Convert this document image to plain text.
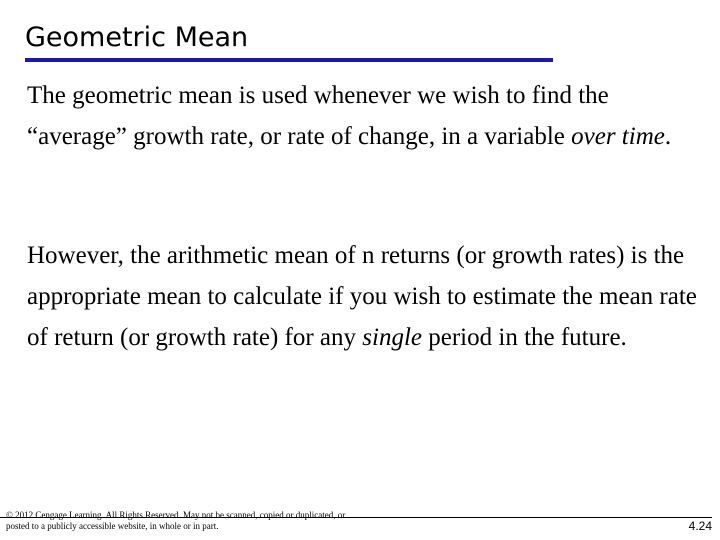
Geometric Mean

The geometric mean is used whenever we wish to find the “average” growth rate, or rate of change, in a variable over time.

However, the arithmetic mean of n returns (or growth rates) is the appropriate mean to calculate if you wish to estimate the mean rate of return (or growth rate) for any single period in the future.

© 2012 Cengage Learning. All Rights Reserved. May not be scanned, copied or duplicated, or posted to a publicly accessible website, in whole or in part.	4.24
